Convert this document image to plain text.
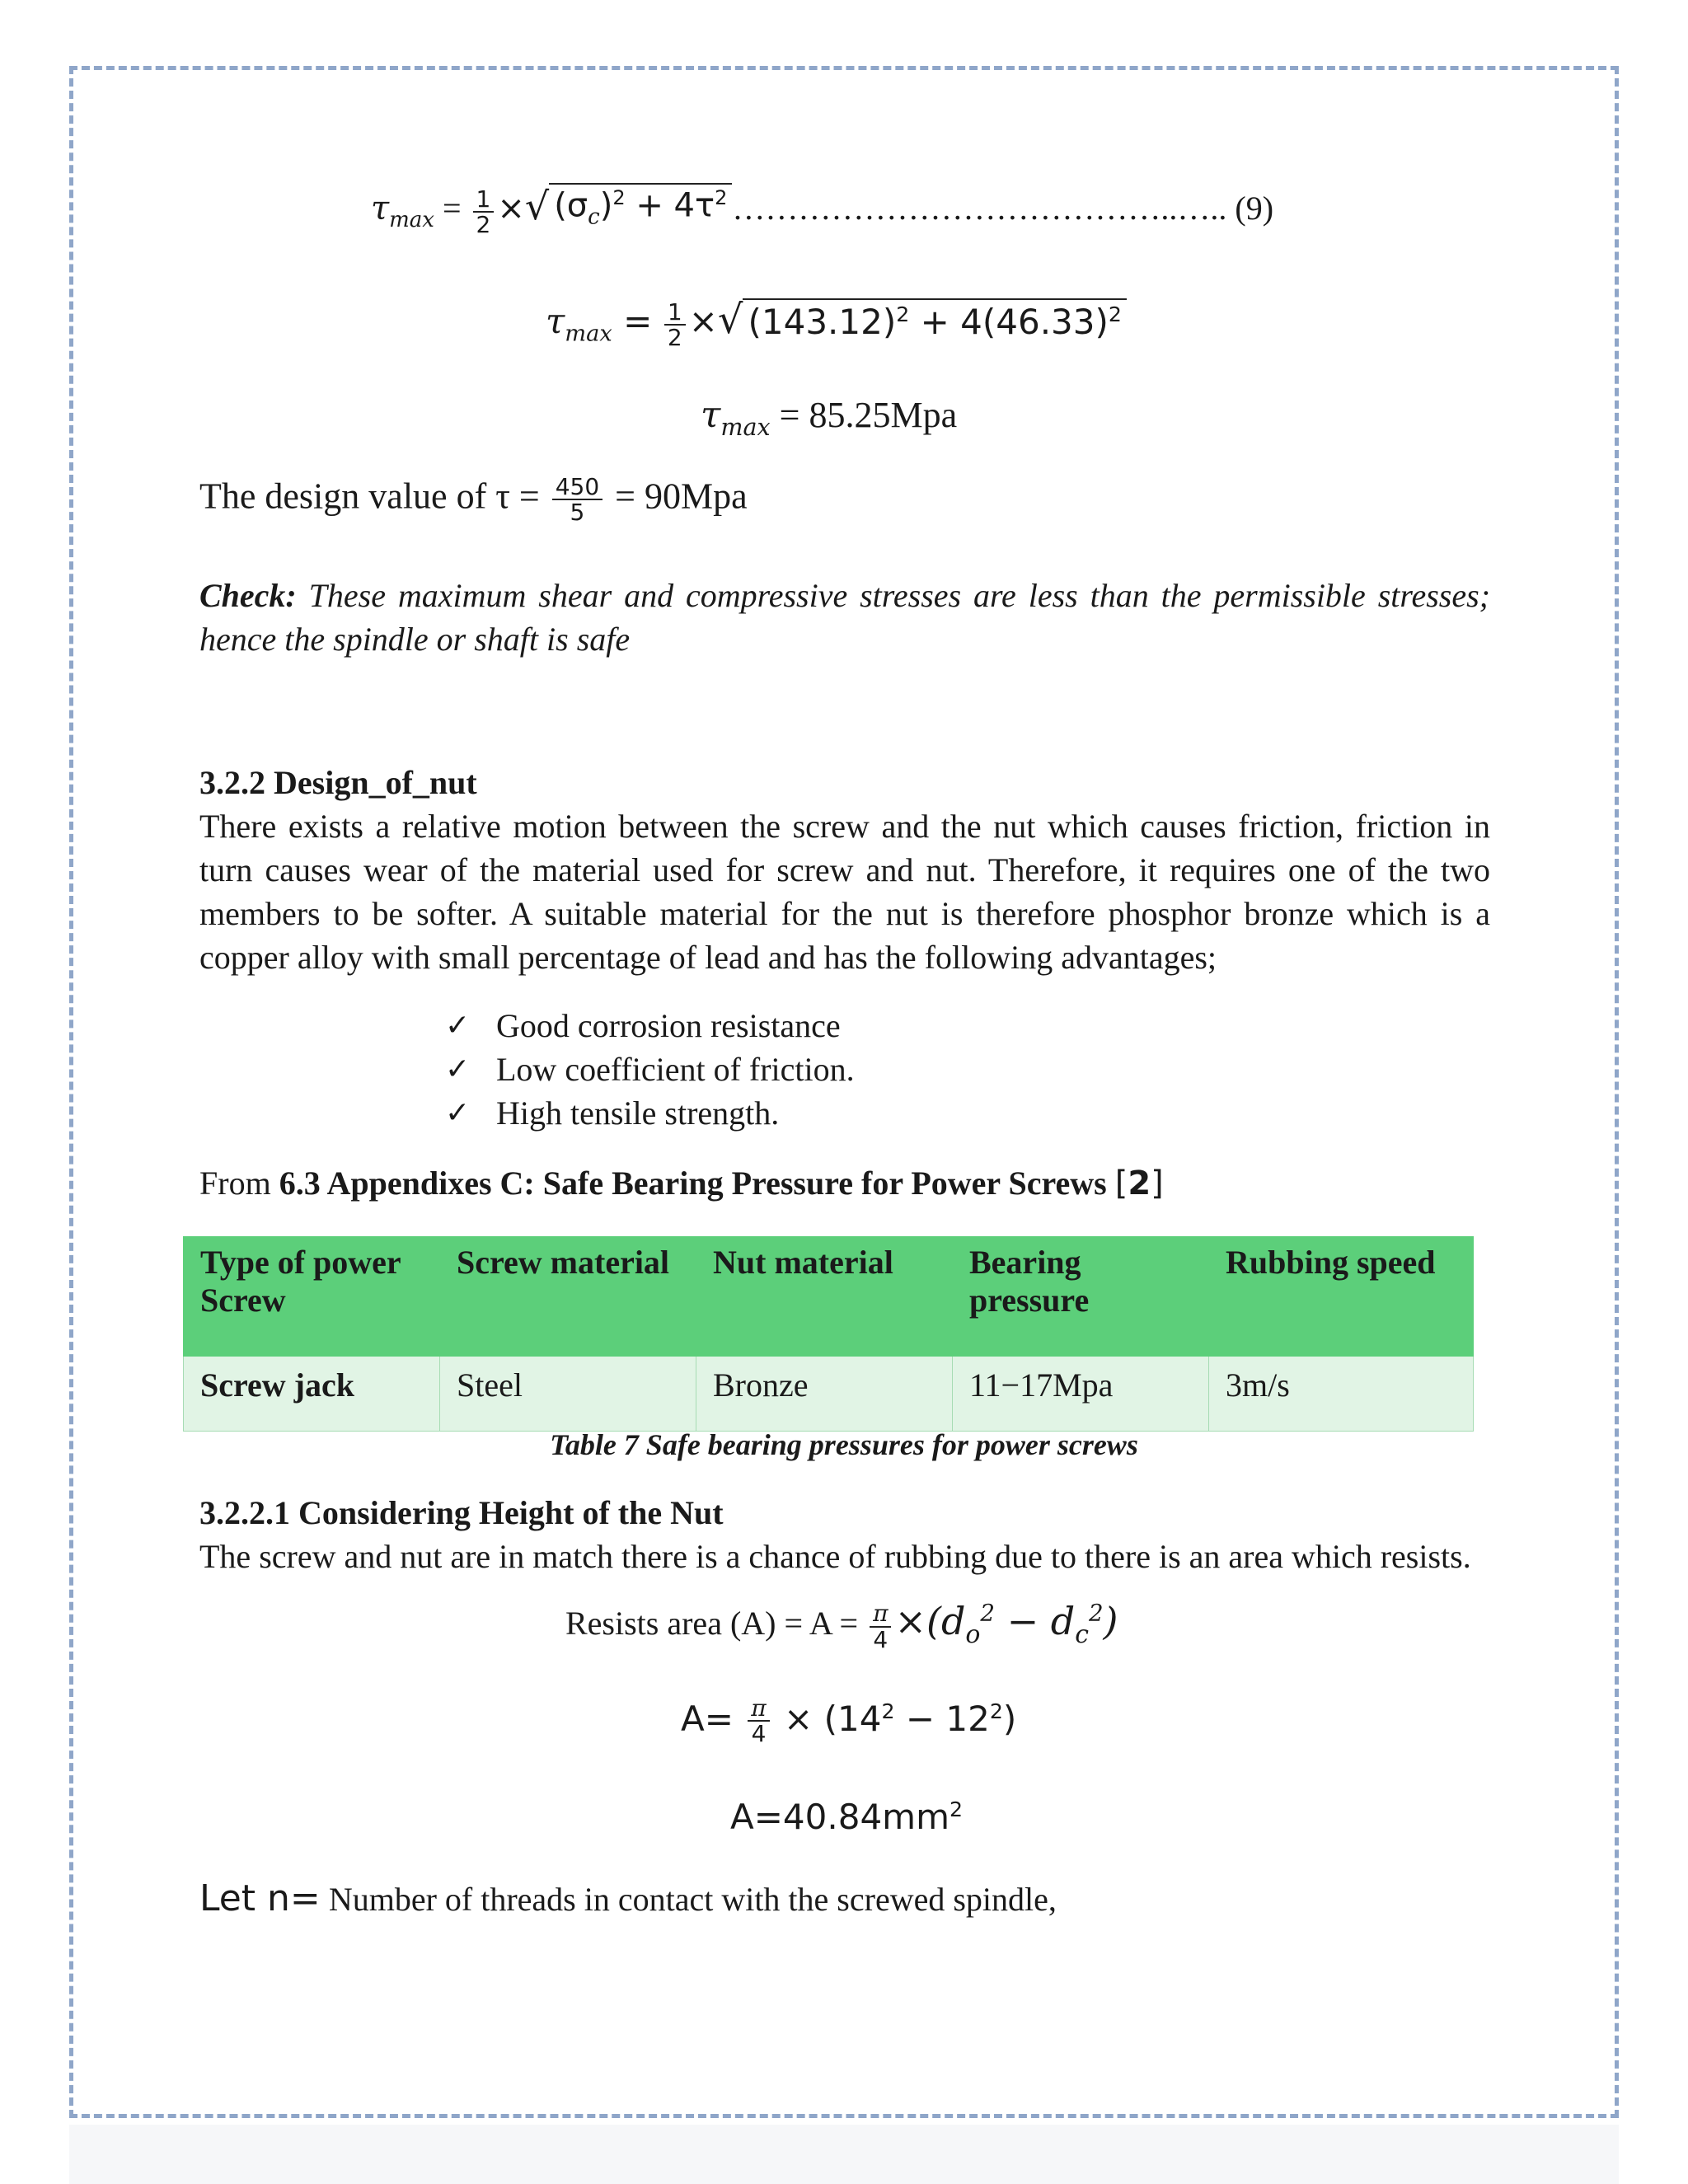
$\tau_{max} = \frac{1}{2}$ × √ $(\sigma_c)^2 + 4\tau^2$ …………………………………..….. (9)
$\tau_{max} = \frac{1}{2}$ × √ $(143.12)^2 + 4(46.33)^2$
$\tau_{max} = 85.25Mpa$
The design value of $\tau = \frac{450}{5} = 90Mpa$

Check: These maximum shear and compressive stresses are less than the permissible stresses; hence the spindle or shaft is safe

3.2.2 Design_of_nut

There exists a relative motion between the screw and the nut which causes friction, friction in turn causes wear of the material used for screw and nut. Therefore, it requires one of the two members to be softer. A suitable material for the nut is therefore phosphor bronze which is a copper alloy with small percentage of lead and has the following advantages;

✓ Good corrosion resistance
✓ Low coefficient of friction.
✓ High tensile strength.
From 6.3 Appendixes C: Safe Bearing Pressure for Power Screws [2]
Type of power Screw	Screw material	Nut material	Bearing pressure	Rubbing speed
Screw jack	Steel	Bronze	11−17Mpa	3m/s
Table 7 Safe bearing pressures for power screws

3.2.2.1 Considering Height of the Nut

The screw and nut are in match there is a chance of rubbing due to there is an area which resists.

Resists area $(A) = A = \frac{\pi}{4} \times(d_o^2 - d_c^2)$
$A= \frac{\pi}{4} \times (14^2 - 12^2)$
$A=40.84mm^2$
Let n= Number of threads in contact with the screwed spindle,
